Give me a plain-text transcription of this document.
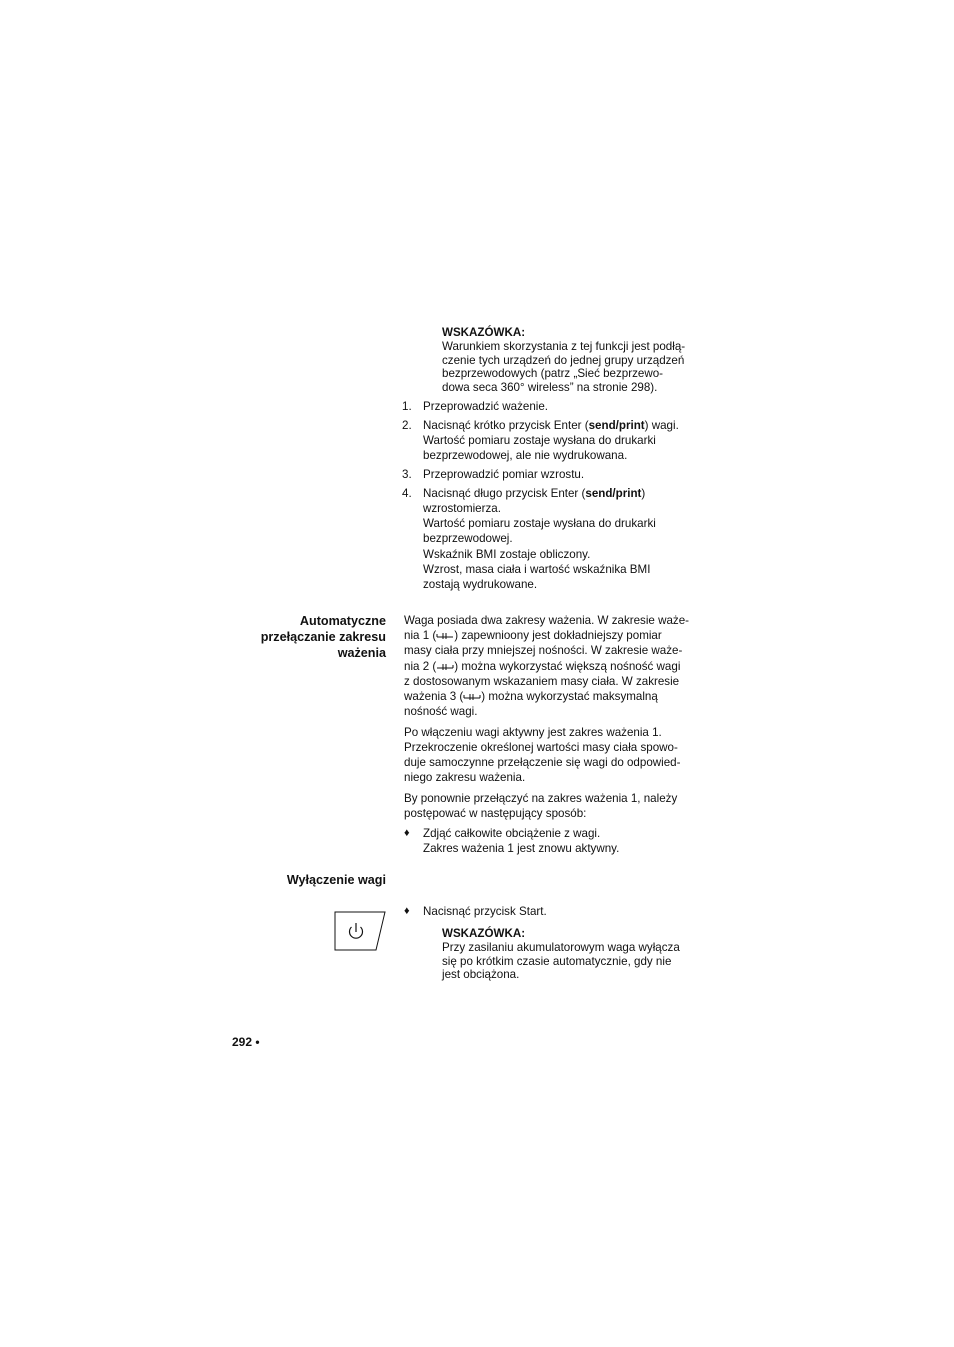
WSKAZÓWKA:
Warunkiem skorzystania z tej funkcji jest podłą-
czenie tych urządzeń do jednej grupy urządzeń
bezprzewodowych (patrz „Sieć bezprzewo-
dowa seca 360° wireless” na stronie 298).
1. Przeprowadzić ważenie.
2. Nacisnąć krótko przycisk Enter (send/print) wagi.
Wartość pomiaru zostaje wysłana do drukarki
bezprzewodowej, ale nie wydrukowana.
3. Przeprowadzić pomiar wzrostu.
4. Nacisnąć długo przycisk Enter (send/print)
wzrostomierza.
Wartość pomiaru zostaje wysłana do drukarki
bezprzewodowej.
Wskaźnik BMI zostaje obliczony.
Wzrost, masa ciała i wartość wskaźnika BMI
zostają wydrukowane.
Automatyczne
przełączanie zakresu
ważenia

Waga posiada dwa zakresy ważenia. W zakresie waże-
nia 1 ( ) zapewnioony jest dokładniejszy pomiar
masy ciała przy mniejszej nośności. W zakresie waże-
nia 2 ( ) można wykorzystać większą nośność wagi
z dostosowanym wskazaniem masy ciała. W zakresie
ważenia 3 ( ) można wykorzystać maksymalną
nośność wagi.

Po włączeniu wagi aktywny jest zakres ważenia 1.
Przekroczenie określonej wartości masy ciała spowo-
duje samoczynne przełączenie się wagi do odpowied-
niego zakresu ważenia.

By ponownie przełączyć na zakres ważenia 1, należy
postępować w następujący sposób:

♦ Zdjąć całkowite obciążenie z wagi.
Zakres ważenia 1 jest znowu aktywny.
Wyłączenie wagi
♦ Nacisnąć przycisk Start.
WSKAZÓWKA:
Przy zasilaniu akumulatorowym waga wyłącza
się po krótkim czasie automatycznie, gdy nie
jest obciążona.
292 •
